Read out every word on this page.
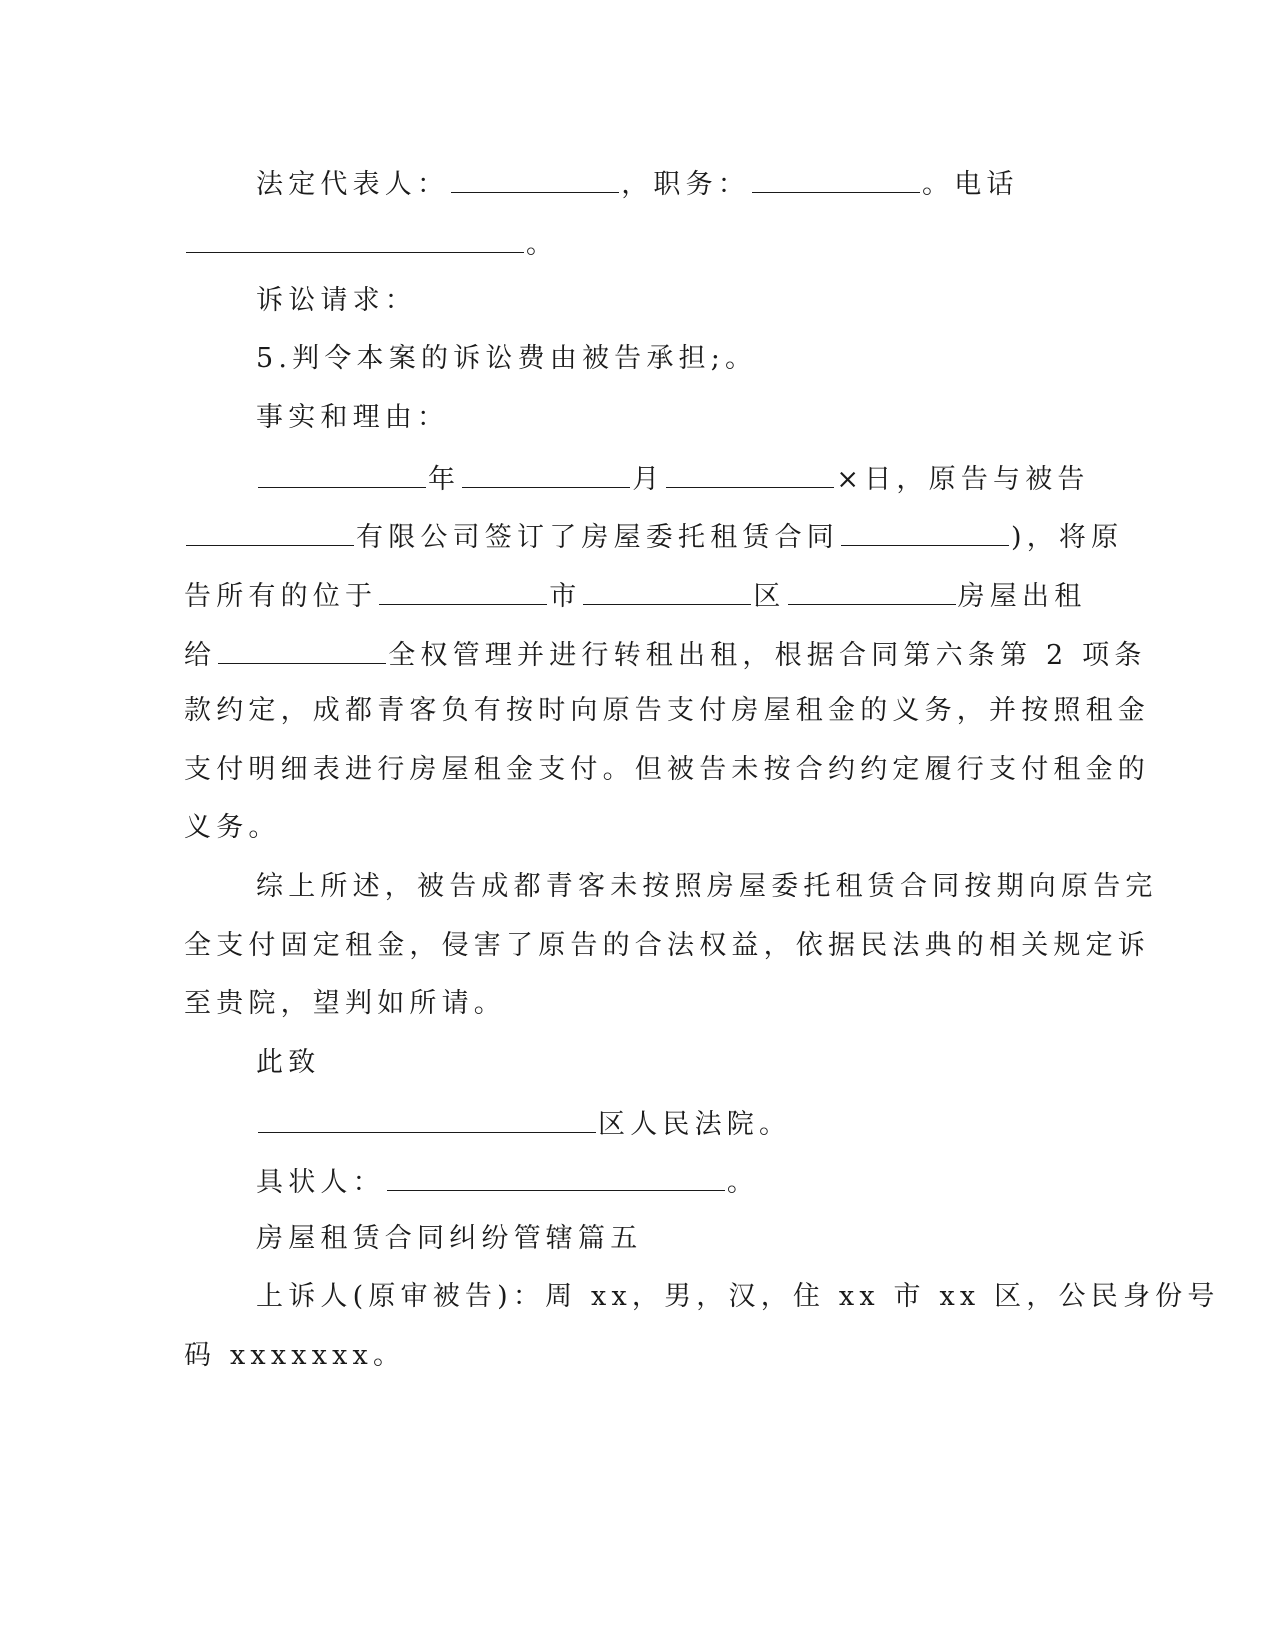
法定代表人：	，职务：	。电话
。
诉讼请求：
5.判令本案的诉讼费由被告承担;。
事实和理由：
年	月	×日，原告与被告
有限公司签订了房屋委托租赁合同	)，将原
告所有的位于	市	区	房屋出租
给	全权管理并进行转租出租，根据合同第六条第 2 项条
款约定，成都青客负有按时向原告支付房屋租金的义务，并按照租金
支付明细表进行房屋租金支付。但被告未按合约约定履行支付租金的
义务。
综上所述，被告成都青客未按照房屋委托租赁合同按期向原告完
全支付固定租金，侵害了原告的合法权益，依据民法典的相关规定诉
至贵院，望判如所请。
此致
区人民法院。
具状人：	。
房屋租赁合同纠纷管辖篇五
上诉人(原审被告)：周 xx，男，汉，住 xx 市 xx 区，公民身份号
码 xxxxxxx。
